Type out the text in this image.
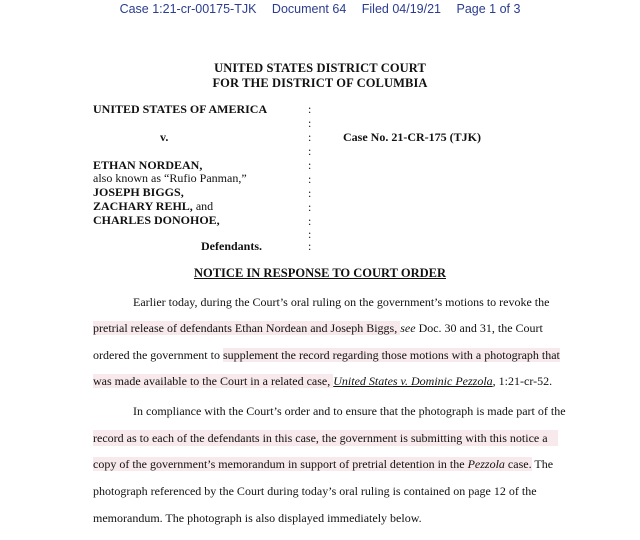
Case 1:21-cr-00175-TJK Document 64 Filed 04/19/21 Page 1 of 3
UNITED STATES DISTRICT COURT
FOR THE DISTRICT OF COLUMBIA
UNITED STATES OF AMERICA
v.	Case No. 21-CR-175 (TJK)
ETHAN NORDEAN,
also known as “Rufio Panman,”
JOSEPH BIGGS,
ZACHARY REHL, and
CHARLES DONOHOE,
Defendants.
:
:
:
:
:
:
:
:
:
:
:
NOTICE IN RESPONSE TO COURT ORDER
Earlier today, during the Court’s oral ruling on the government’s motions to revoke the
pretrial release of defendants Ethan Nordean and Joseph Biggs, see Doc. 30 and 31, the Court
ordered the government to supplement the record regarding those motions with a photograph that
was made available to the Court in a related case, United States v. Dominic Pezzola, 1:21-cr-52.
In compliance with the Court’s order and to ensure that the photograph is made part of the
record as to each of the defendants in this case, the government is submitting with this notice a
copy of the government’s memorandum in support of pretrial detention in the Pezzola case. The
photograph referenced by the Court during today’s oral ruling is contained on page 12 of the
memorandum. The photograph is also displayed immediately below.
